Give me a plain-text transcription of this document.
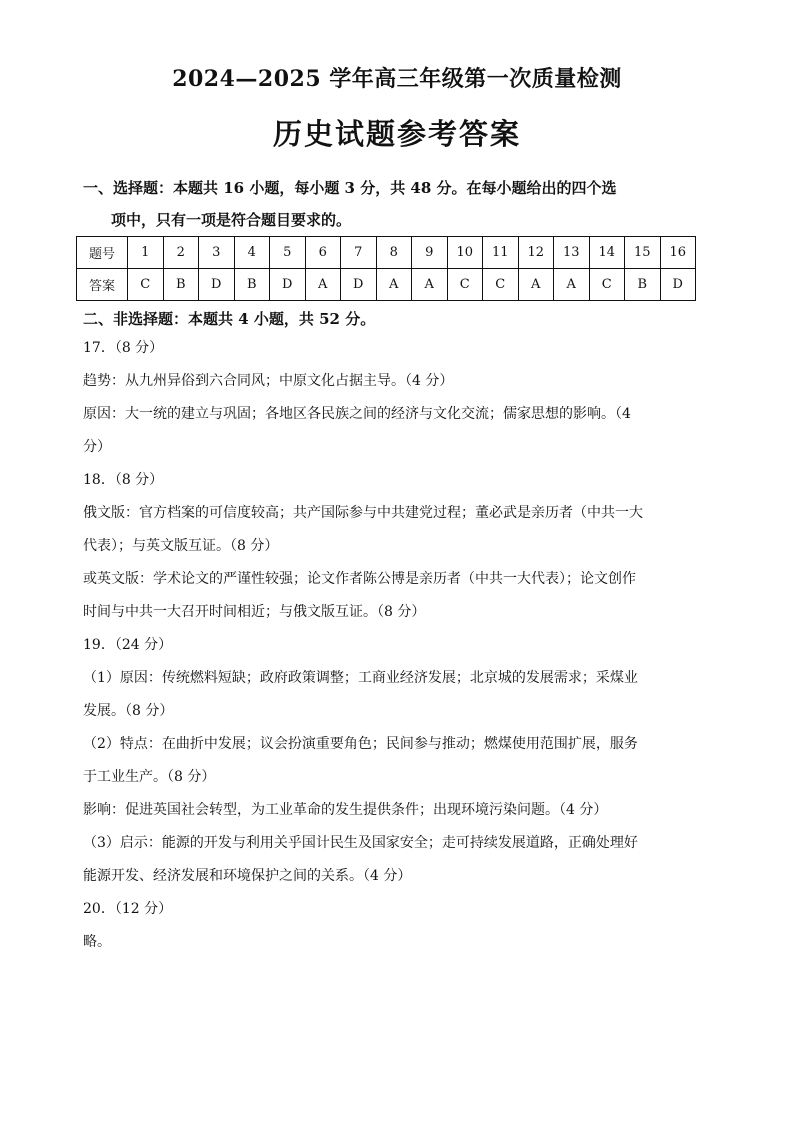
2024—2025 学年高三年级第一次质量检测
历史试题参考答案
一、选择题：本题共 16 小题，每小题 3 分，共 48 分。在每小题给出的四个选
项中，只有一项是符合题目要求的。
题号	1	2	3	4	5	6	7	8	9	10	11	12	13	14	15	16
答案	C	B	D	B	D	A	D	A	A	C	C	A	A	C	B	D
二、非选择题：本题共 4 小题，共 52 分。

17．（8 分）

趋势：从九州异俗到六合同风；中原文化占据主导。（4 分）

原因：大一统的建立与巩固；各地区各民族之间的经济与文化交流；儒家思想的影响。（4

分）

18．（8 分）

俄文版：官方档案的可信度较高；共产国际参与中共建党过程；董必武是亲历者（中共一大

代表）；与英文版互证。（8 分）

或英文版：学术论文的严谨性较强；论文作者陈公博是亲历者（中共一大代表）；论文创作

时间与中共一大召开时间相近；与俄文版互证。（8 分）

19．（24 分）

（1）原因：传统燃料短缺；政府政策调整；工商业经济发展；北京城的发展需求；采煤业

发展。（8 分）

（2）特点：在曲折中发展；议会扮演重要角色；民间参与推动；燃煤使用范围扩展，服务

于工业生产。（8 分）

影响：促进英国社会转型，为工业革命的发生提供条件；出现环境污染问题。（4 分）

（3）启示：能源的开发与利用关乎国计民生及国家安全；走可持续发展道路，正确处理好

能源开发、经济发展和环境保护之间的关系。（4 分）

20．（12 分）

略。
